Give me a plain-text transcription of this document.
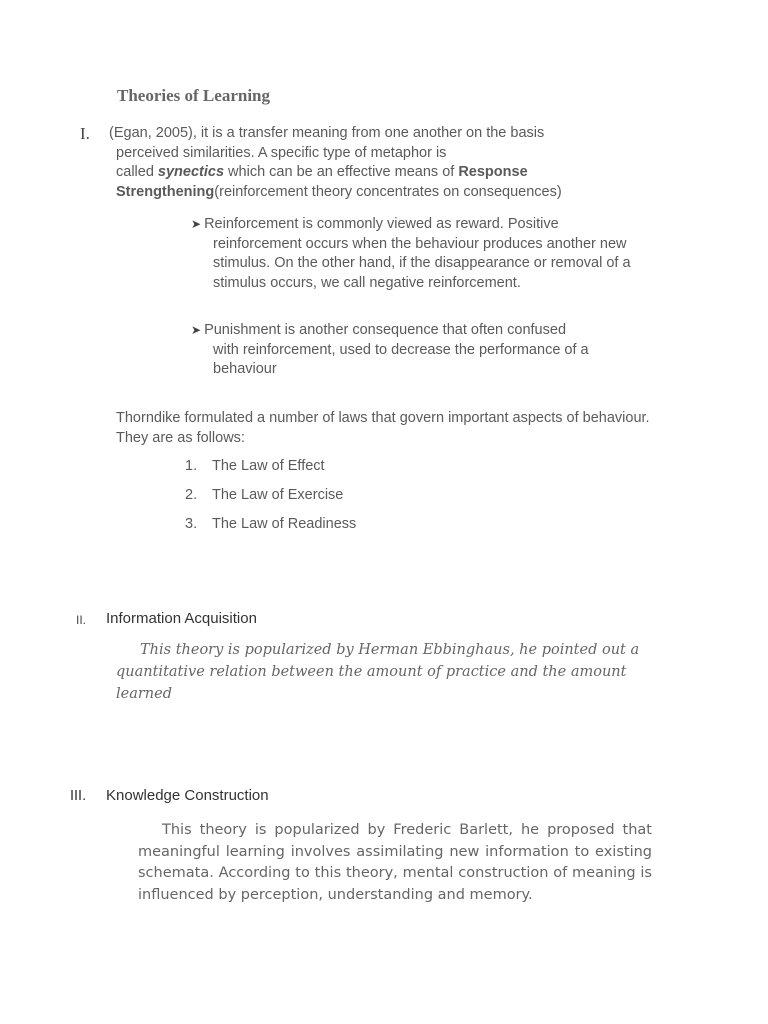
Theories of Learning
I. (Egan, 2005), it is a transfer meaning from one another on the basis
perceived similarities. A specific type of metaphor is
called synectics which can be an effective means of Response
Strengthening(reinforcement theory concentrates on consequences)
➤ Reinforcement is commonly viewed as reward. Positive
reinforcement occurs when the behaviour produces another new stimulus. On the other hand, if the disappearance or removal of a stimulus occurs, we call negative reinforcement.
➤ Punishment is another consequence that often confused
with reinforcement, used to decrease the performance of a behaviour
Thorndike formulated a number of laws that govern important aspects of behaviour. They are as follows:
1.	The Law of Effect
2.	The Law of Exercise
3.	The Law of Readiness
II. Information Acquisition
This theory is popularized by Herman Ebbinghaus, he pointed out a quantitative relation between the amount of practice and the amount learned
III. Knowledge Construction
This theory is popularized by Frederic Barlett, he proposed that meaningful learning involves assimilating new information to existing schemata. According to this theory, mental construction of meaning is influenced by perception, understanding and memory.
